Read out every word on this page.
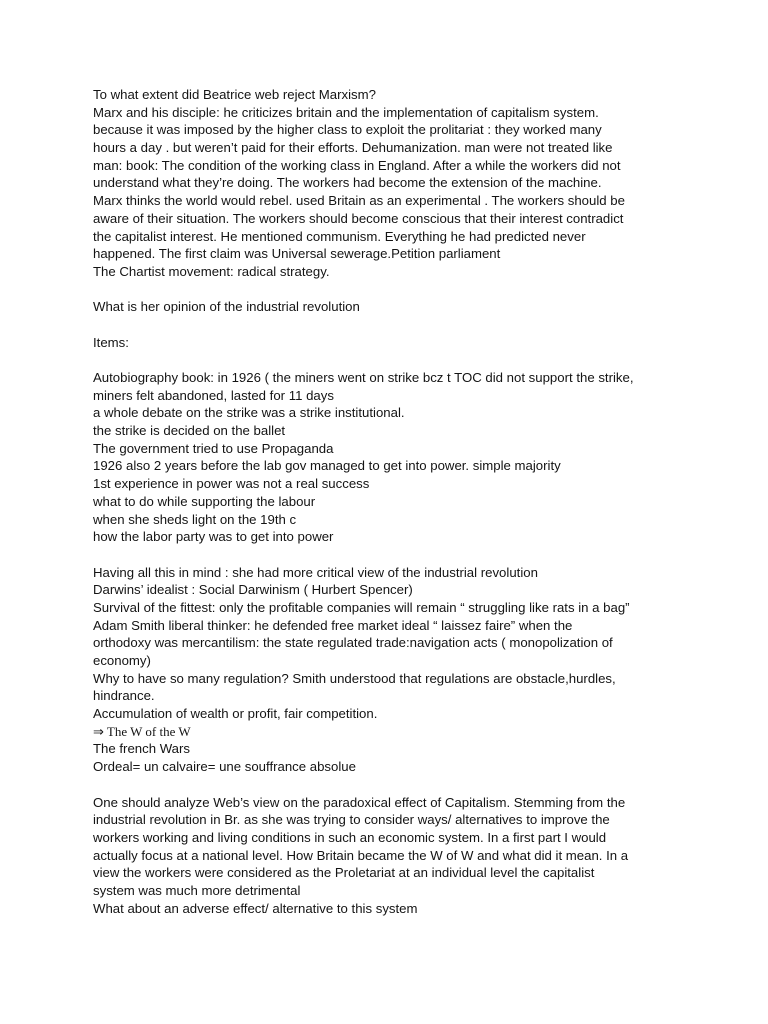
To what extent did Beatrice web reject Marxism?
Marx and his disciple: he criticizes britain and the implementation of capitalism system.
because it was imposed by the higher class to exploit the prolitariat : they worked many
hours a day . but weren’t paid for their efforts. Dehumanization. man were not treated like
man: book: The condition of the working class in England. After a while the workers did not
understand what they’re doing. The workers had become the extension of the machine.
Marx thinks the world would rebel. used Britain as an experimental . The workers should be
aware of their situation. The workers should become conscious that their interest contradict
the capitalist interest. He mentioned communism. Everything he had predicted never
happened. The first claim was Universal sewerage.Petition parliament
The Chartist movement: radical strategy.
What is her opinion of the industrial revolution
Items:
Autobiography book: in 1926 ( the miners went on strike bcz t TOC did not support the strike,
miners felt abandoned, lasted for 11 days
a whole debate on the strike was a strike institutional.
the strike is decided on the ballet
The government tried to use Propaganda
1926 also 2 years before the lab gov managed to get into power. simple majority
1st experience in power was not a real success
what to do while supporting the labour
when she sheds light on the 19th c
how the labor party was to get into power
Having all this in mind : she had more critical view of the industrial revolution
Darwins’ idealist : Social Darwinism ( Hurbert Spencer)
Survival of the fittest: only the profitable companies will remain “ struggling like rats in a bag”
Adam Smith liberal thinker: he defended free market ideal “ laissez faire” when the
orthodoxy was mercantilism: the state regulated trade:navigation acts ( monopolization of
economy)
Why to have so many regulation? Smith understood that regulations are obstacle,hurdles,
hindrance.
Accumulation of wealth or profit, fair competition.
⇒ The W of the W
The french Wars
Ordeal= un calvaire= une souffrance absolue
One should analyze Web’s view on the paradoxical effect of Capitalism. Stemming from the
industrial revolution in Br. as she was trying to consider ways/ alternatives to improve the
workers working and living conditions in such an economic system. In a first part I would
actually focus at a national level. How Britain became the W of W and what did it mean. In a
view the workers were considered as the Proletariat at an individual level the capitalist
system was much more detrimental
What about an adverse effect/ alternative to this system
